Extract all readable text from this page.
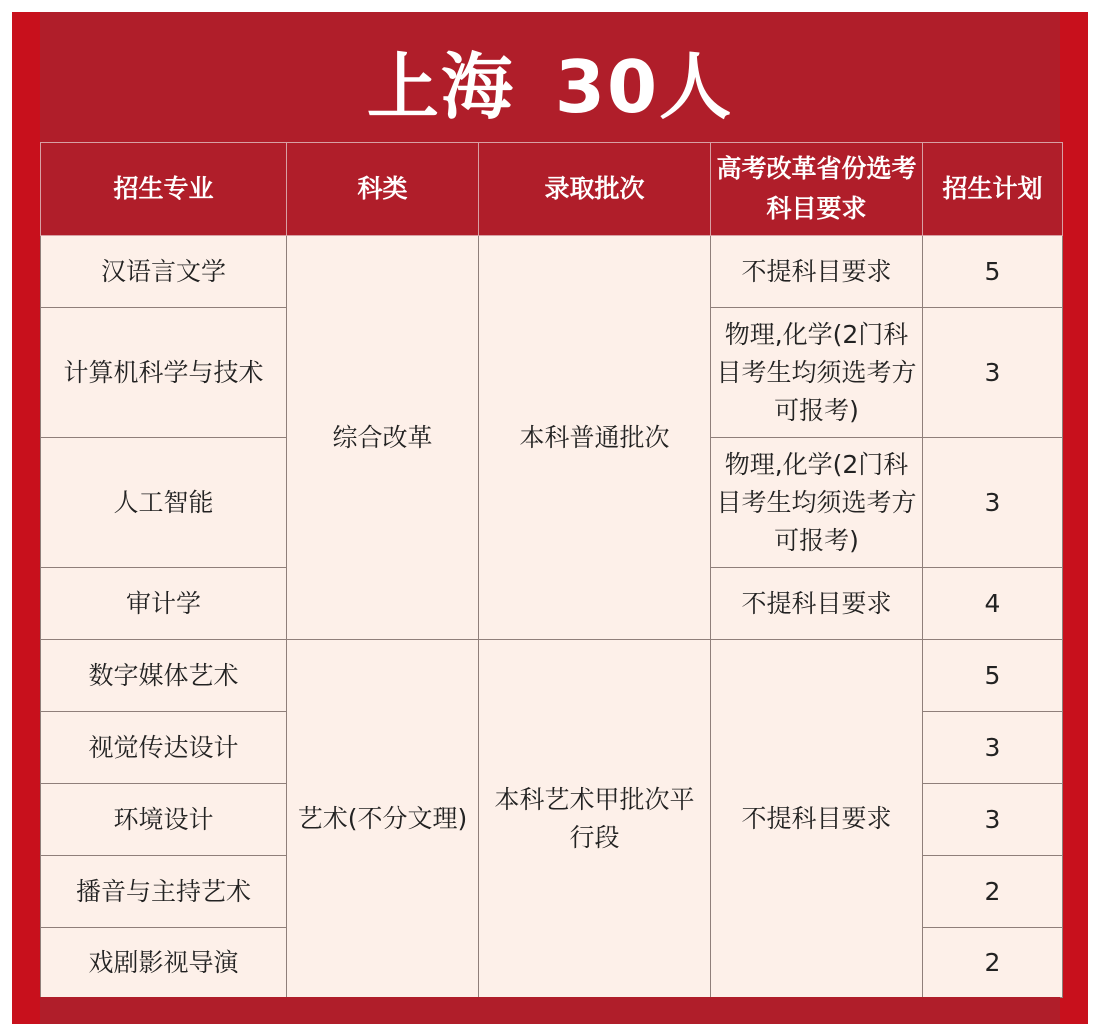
上海 30人
招生专业	科类	录取批次	高考改革省份选考科目要求	招生计划
汉语言文学	综合改革	本科普通批次	不提科目要求	5
计算机科学与技术			物理,化学(2门科目考生均须选考方可报考)	3
人工智能			物理,化学(2门科目考生均须选考方可报考)	3
审计学			不提科目要求	4
数字媒体艺术	艺术(不分文理)	本科艺术甲批次平行段	不提科目要求	5
视觉传达设计				3
环境设计				3
播音与主持艺术				2
戏剧影视导演				2
